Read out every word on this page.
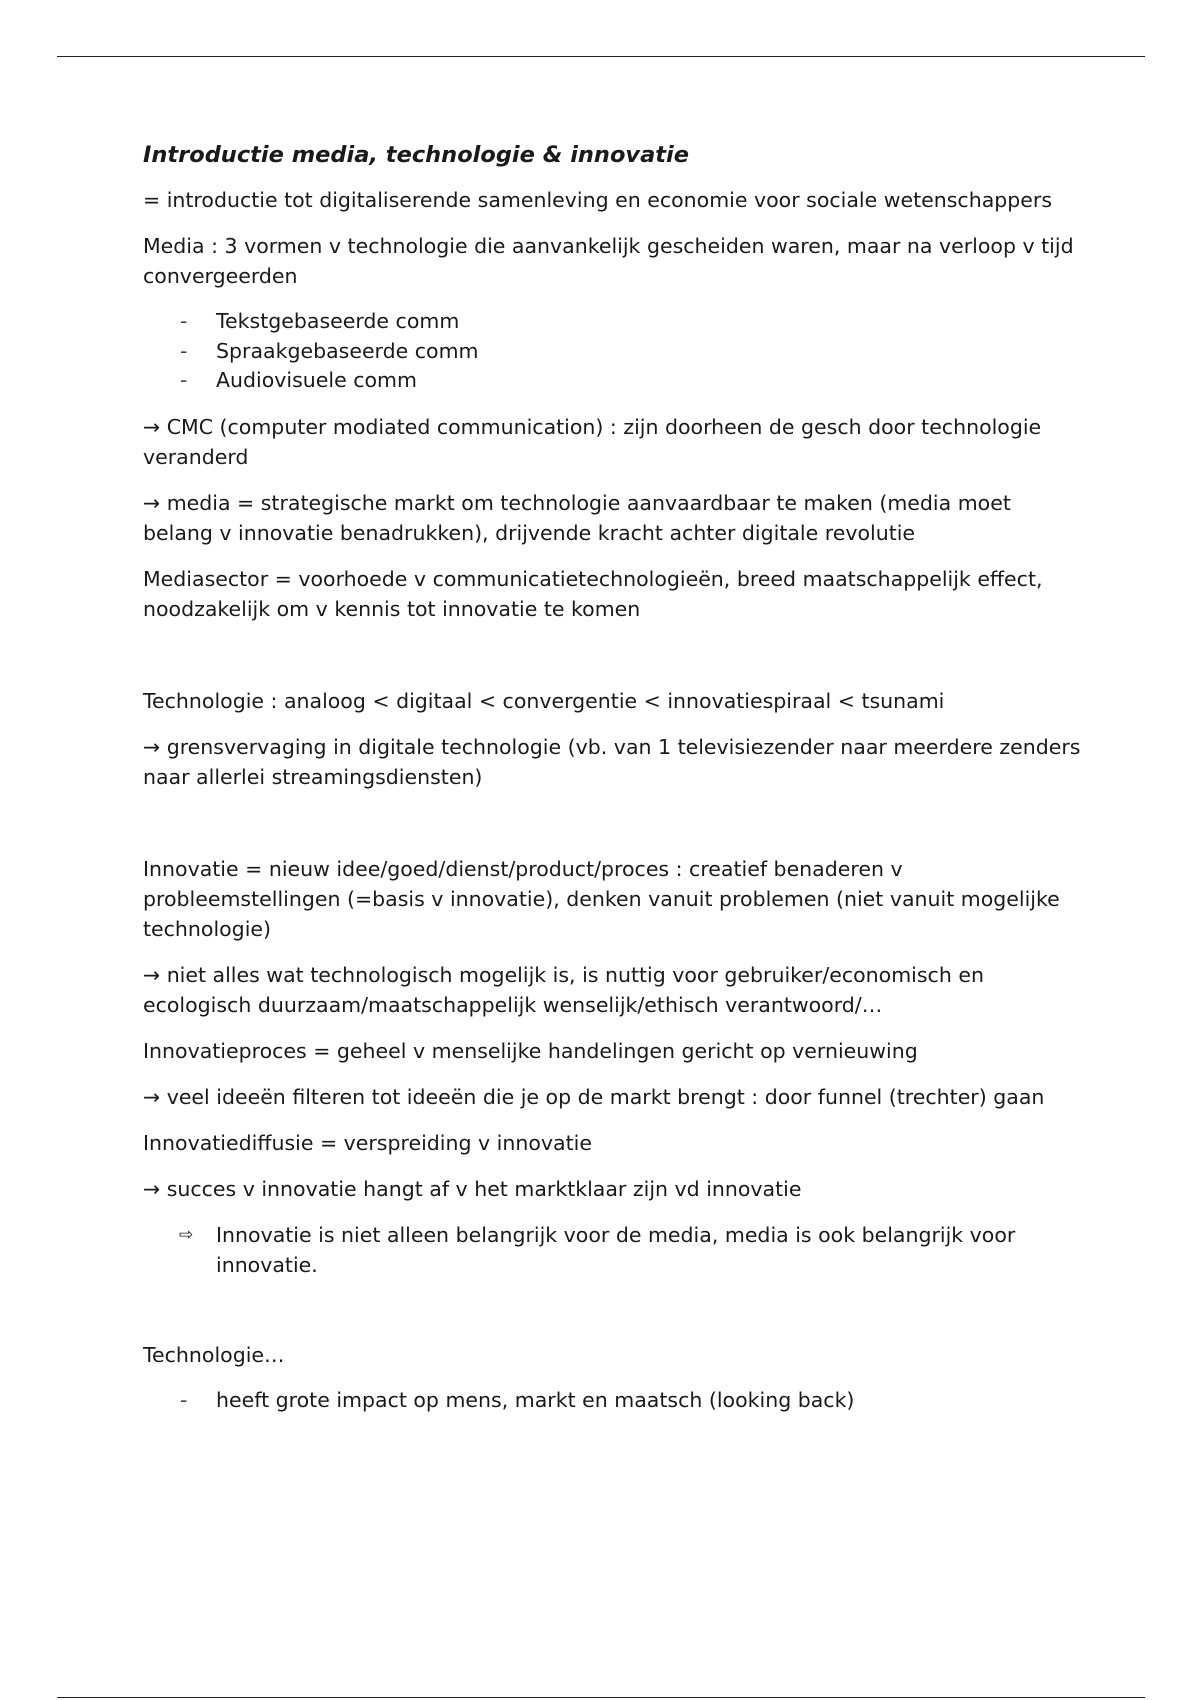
Introductie media, technologie & innovatie

= introductie tot digitaliserende samenleving en economie voor sociale wetenschappers

Media : 3 vormen v technologie die aanvankelijk gescheiden waren, maar na verloop v tijd convergeerden

- Tekstgebaseerde comm
- Spraakgebaseerde comm
- Audiovisuele comm

→ CMC (computer modiated communication) : zijn doorheen de gesch door technologie veranderd

→ media = strategische markt om technologie aanvaardbaar te maken (media moet belang v innovatie benadrukken), drijvende kracht achter digitale revolutie

Mediasector = voorhoede v communicatietechnologieën, breed maatschappelijk effect, noodzakelijk om v kennis tot innovatie te komen

Technologie : analoog < digitaal < convergentie < innovatiespiraal < tsunami

→ grensvervaging in digitale technologie (vb. van 1 televisiezender naar meerdere zenders naar allerlei streamingsdiensten)

Innovatie = nieuw idee/goed/dienst/product/proces : creatief benaderen v probleemstellingen (=basis v innovatie), denken vanuit problemen (niet vanuit mogelijke technologie)

→ niet alles wat technologisch mogelijk is, is nuttig voor gebruiker/economisch en ecologisch duurzaam/maatschappelijk wenselijk/ethisch verantwoord/…

Innovatieproces = geheel v menselijke handelingen gericht op vernieuwing

→ veel ideeën filteren tot ideeën die je op de markt brengt : door funnel (trechter) gaan

Innovatiediffusie = verspreiding v innovatie

→ succes v innovatie hangt af v het marktklaar zijn vd innovatie

⇨ Innovatie is niet alleen belangrijk voor de media, media is ook belangrijk voor innovatie.

Technologie…

- heeft grote impact op mens, markt en maatsch (looking back)
